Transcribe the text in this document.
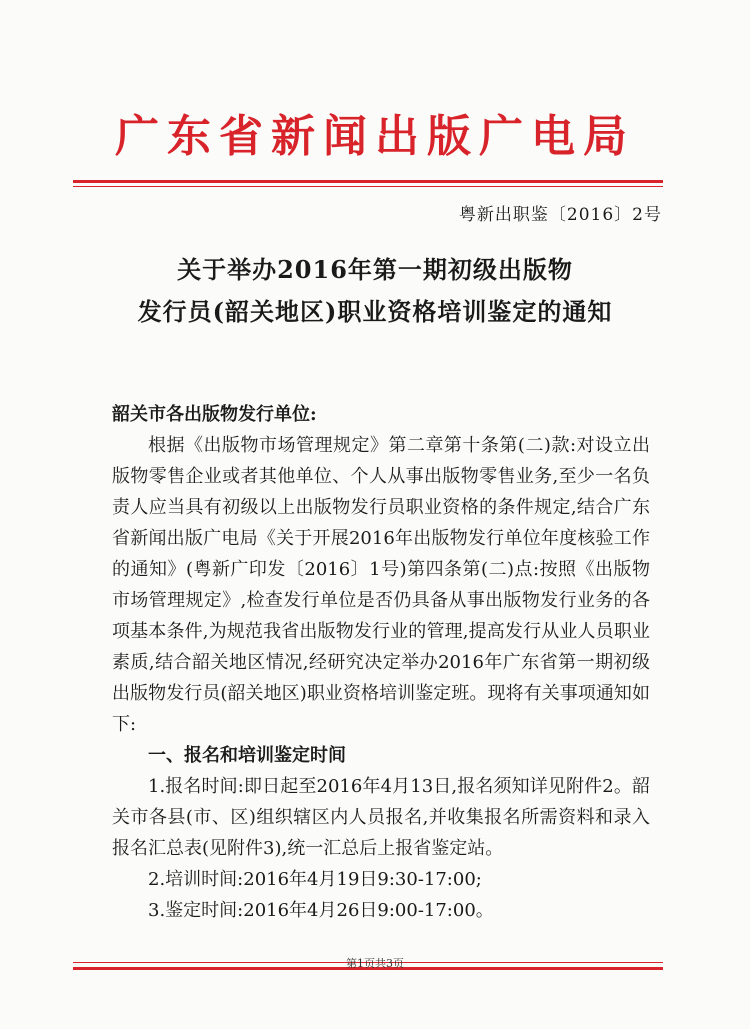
广东省新闻出版广电局
粤新出职鉴〔2016〕2号
关于举办2016年第一期初级出版物
发行员(韶关地区)职业资格培训鉴定的通知
韶关市各出版物发行单位:

根据《出版物市场管理规定》第二章第十条第(二)款:对设立出版物零售企业或者其他单位、个人从事出版物零售业务,至少一名负责人应当具有初级以上出版物发行员职业资格的条件规定,结合广东省新闻出版广电局《关于开展2016年出版物发行单位年度核验工作的通知》(粤新广印发〔2016〕1号)第四条第(二)点:按照《出版物市场管理规定》,检查发行单位是否仍具备从事出版物发行业务的各项基本条件,为规范我省出版物发行业的管理,提高发行从业人员职业素质,结合韶关地区情况,经研究决定举办2016年广东省第一期初级出版物发行员(韶关地区)职业资格培训鉴定班。现将有关事项通知如下:

一、报名和培训鉴定时间

1.报名时间:即日起至2016年4月13日,报名须知详见附件2。韶关市各县(市、区)组织辖区内人员报名,并收集报名所需资料和录入报名汇总表(见附件3),统一汇总后上报省鉴定站。

2.培训时间:2016年4月19日9:30-17:00;

3.鉴定时间:2016年4月26日9:00-17:00。

第1页共3页
